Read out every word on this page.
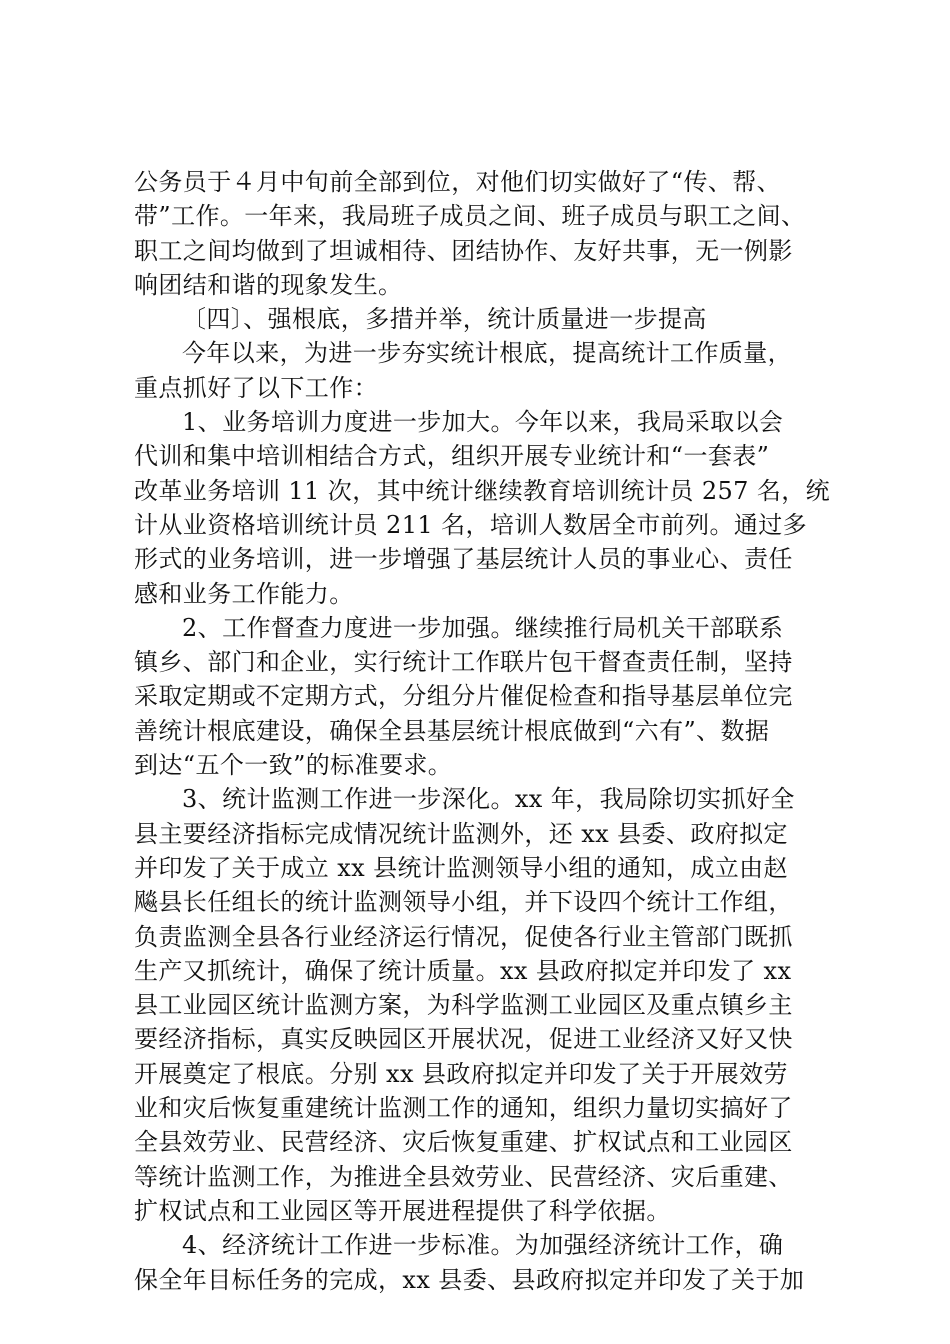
公务员于４月中旬前全部到位，对他们切实做好了“传、帮、
带”工作。一年来，我局班子成员之间、班子成员与职工之间、
职工之间均做到了坦诚相待、团结协作、友好共事，无一例影
响团结和谐的现象发生。
〔四〕、强根底，多措并举，统计质量进一步提高
今年以来，为进一步夯实统计根底，提高统计工作质量，
重点抓好了以下工作：
1、业务培训力度进一步加大。今年以来，我局采取以会
代训和集中培训相结合方式，组织开展专业统计和“一套表”
改革业务培训 11 次，其中统计继续教育培训统计员 257 名，统
计从业资格培训统计员 211 名，培训人数居全市前列。通过多
形式的业务培训，进一步增强了基层统计人员的事业心、责任
感和业务工作能力。
2、工作督查力度进一步加强。继续推行局机关干部联系
镇乡、部门和企业，实行统计工作联片包干督查责任制，坚持
采取定期或不定期方式，分组分片催促检查和指导基层单位完
善统计根底建设，确保全县基层统计根底做到“六有”、数据
到达“五个一致”的标准要求。
3、统计监测工作进一步深化。xx 年，我局除切实抓好全
县主要经济指标完成情况统计监测外，还 xx 县委、政府拟定
并印发了关于成立 xx 县统计监测领导小组的通知，成立由赵
飚县长任组长的统计监测领导小组，并下设四个统计工作组，
负责监测全县各行业经济运行情况，促使各行业主管部门既抓
生产又抓统计，确保了统计质量。xx 县政府拟定并印发了 xx
县工业园区统计监测方案，为科学监测工业园区及重点镇乡主
要经济指标，真实反映园区开展状况，促进工业经济又好又快
开展奠定了根底。分别 xx 县政府拟定并印发了关于开展效劳
业和灾后恢复重建统计监测工作的通知，组织力量切实搞好了
全县效劳业、民营经济、灾后恢复重建、扩权试点和工业园区
等统计监测工作，为推进全县效劳业、民营经济、灾后重建、
扩权试点和工业园区等开展进程提供了科学依据。
4、经济统计工作进一步标准。为加强经济统计工作，确
保全年目标任务的完成，xx 县委、县政府拟定并印发了关于加
